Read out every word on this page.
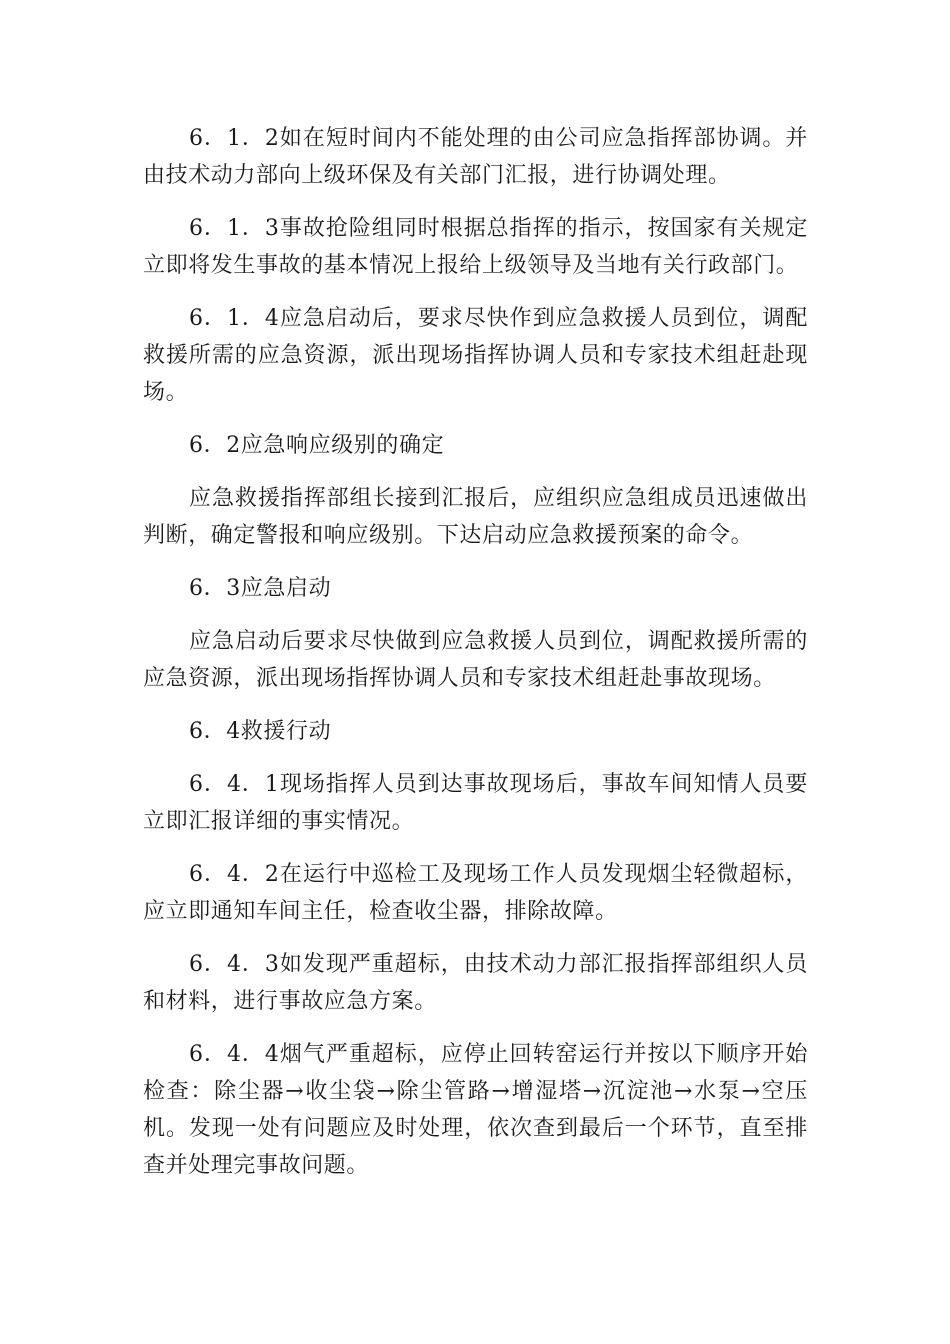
6．1．2如在短时间内不能处理的由公司应急指挥部协调。并由技术动力部向上级环保及有关部门汇报，进行协调处理。

6．1．3事故抢险组同时根据总指挥的指示，按国家有关规定立即将发生事故的基本情况上报给上级领导及当地有关行政部门。

6．1．4应急启动后，要求尽快作到应急救援人员到位，调配救援所需的应急资源，派出现场指挥协调人员和专家技术组赶赴现场。

6．2应急响应级别的确定

应急救援指挥部组长接到汇报后，应组织应急组成员迅速做出判断，确定警报和响应级别。下达启动应急救援预案的命令。

6．3应急启动

应急启动后要求尽快做到应急救援人员到位，调配救援所需的应急资源，派出现场指挥协调人员和专家技术组赶赴事故现场。

6．4救援行动

6．4．1现场指挥人员到达事故现场后，事故车间知情人员要立即汇报详细的事实情况。

6．4．2在运行中巡检工及现场工作人员发现烟尘轻微超标，应立即通知车间主任，检查收尘器，排除故障。

6．4．3如发现严重超标，由技术动力部汇报指挥部组织人员和材料，进行事故应急方案。

6．4．4烟气严重超标，应停止回转窑运行并按以下顺序开始检查：除尘器→收尘袋→除尘管路→增湿塔→沉淀池→水泵→空压机。发现一处有问题应及时处理，依次查到最后一个环节，直至排查并处理完事故问题。
